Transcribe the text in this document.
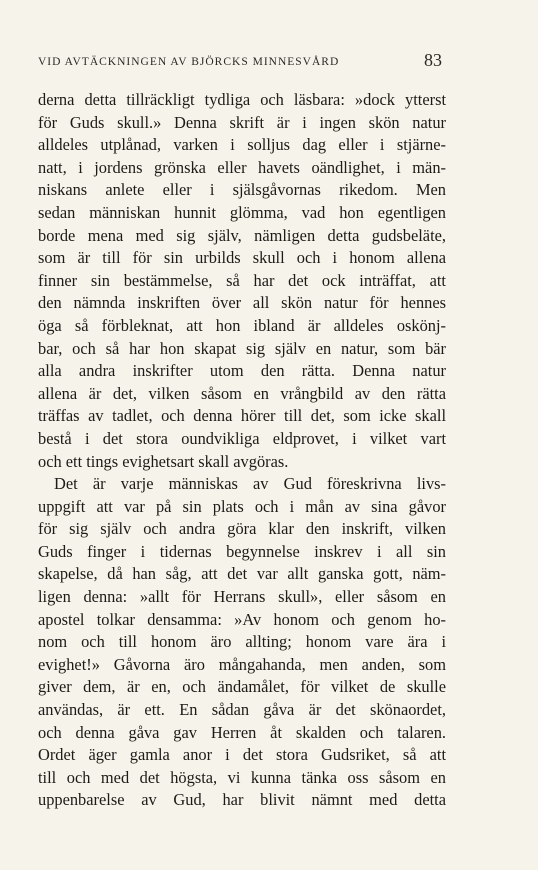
VID AVTÄCKNINGEN AV BJÖRCKS MINNESVÅRD	83
derna detta tillräckligt tydliga och läsbara: »dock ytterst
för Guds skull.» Denna skrift är i ingen skön natur
alldeles utplånad, varken i solljus dag eller i stjärne-
natt, i jordens grönska eller havets oändlighet, i män-
niskans anlete eller i själsgåvornas rikedom. Men
sedan människan hunnit glömma, vad hon egentligen
borde mena med sig själv, nämligen detta gudsbeläte,
som är till för sin urbilds skull och i honom allena
finner sin bestämmelse, så har det ock inträffat, att
den nämnda inskriften över all skön natur för hennes
öga så förbleknat, att hon ibland är alldeles oskönj-
bar, och så har hon skapat sig själv en natur, som bär
alla andra inskrifter utom den rätta. Denna natur
allena är det, vilken såsom en vrångbild av den rätta
träffas av tadlet, och denna hörer till det, som icke skall
bestå i det stora oundvikliga eldprovet, i vilket vart
och ett tings evighetsart skall avgöras.
Det är varje människas av Gud föreskrivna livs-
uppgift att var på sin plats och i mån av sina gåvor
för sig själv och andra göra klar den inskrift, vilken
Guds finger i tidernas begynnelse inskrev i all sin
skapelse, då han såg, att det var allt ganska gott, näm-
ligen denna: »allt för Herrans skull», eller såsom en
apostel tolkar densamma: »Av honom och genom ho-
nom och till honom äro allting; honom vare ära i
evighet!» Gåvorna äro mångahanda, men anden, som
giver dem, är en, och ändamålet, för vilket de skulle
användas, är ett. En sådan gåva är det skönaordet,
och denna gåva gav Herren åt skalden och talaren.
Ordet äger gamla anor i det stora Gudsriket, så att
till och med det högsta, vi kunna tänka oss såsom en
uppenbarelse av Gud, har blivit nämnt med detta
